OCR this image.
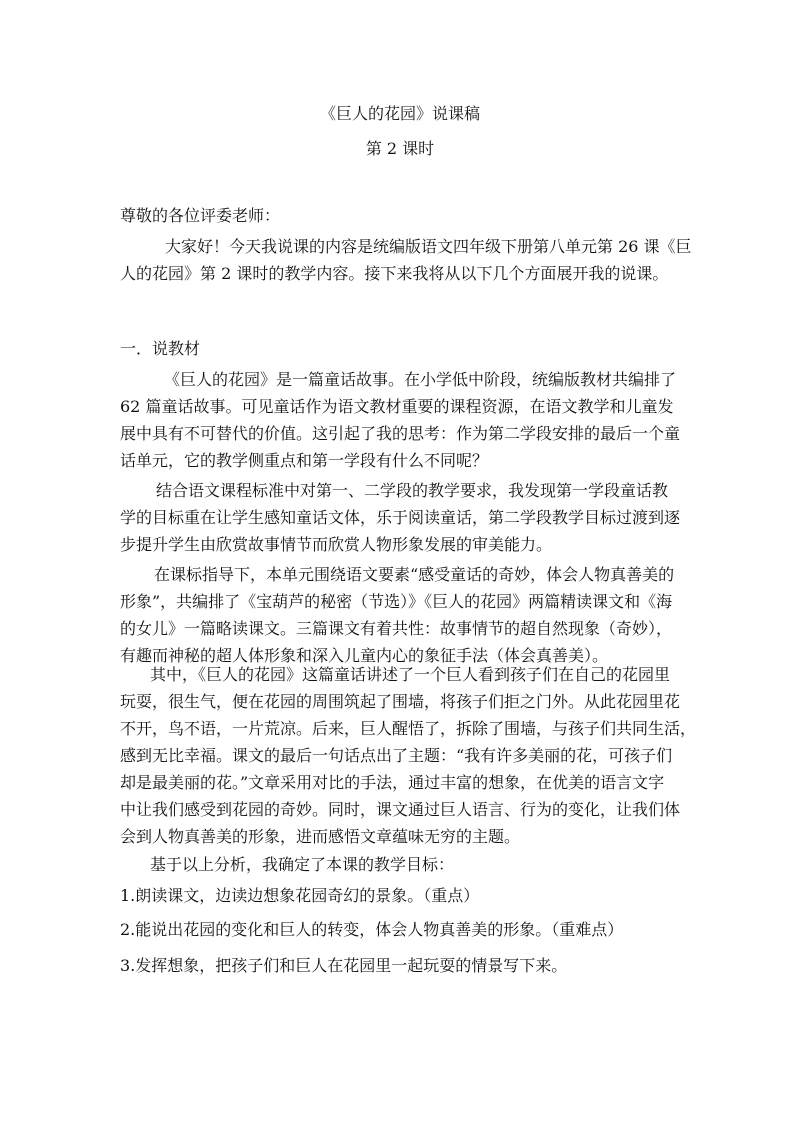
《巨人的花园》说课稿
第 2 课时
尊敬的各位评委老师：
大家好！今天我说课的内容是统编版语文四年级下册第八单元第 26 课《巨
人的花园》第 2 课时的教学内容。接下来我将从以下几个方面展开我的说课。
一．说教材
《巨人的花园》是一篇童话故事。在小学低中阶段，统编版教材共编排了
62 篇童话故事。可见童话作为语文教材重要的课程资源，在语文教学和儿童发
展中具有不可替代的价值。这引起了我的思考：作为第二学段安排的最后一个童
话单元，它的教学侧重点和第一学段有什么不同呢？
结合语文课程标准中对第一、二学段的教学要求，我发现第一学段童话教
学的目标重在让学生感知童话文体，乐于阅读童话，第二学段教学目标过渡到逐
步提升学生由欣赏故事情节而欣赏人物形象发展的审美能力。
在课标指导下，本单元围绕语文要素“感受童话的奇妙，体会人物真善美的
形象”，共编排了《宝葫芦的秘密（节选）》《巨人的花园》两篇精读课文和《海
的女儿》一篇略读课文。三篇课文有着共性：故事情节的超自然现象（奇妙），
有趣而神秘的超人体形象和深入儿童内心的象征手法（体会真善美）。
其中，《巨人的花园》这篇童话讲述了一个巨人看到孩子们在自己的花园里
玩耍，很生气，便在花园的周围筑起了围墙，将孩子们拒之门外。从此花园里花
不开，鸟不语，一片荒凉。后来，巨人醒悟了，拆除了围墙，与孩子们共同生活，
感到无比幸福。课文的最后一句话点出了主题：“我有许多美丽的花，可孩子们
却是最美丽的花。”文章采用对比的手法，通过丰富的想象，在优美的语言文字
中让我们感受到花园的奇妙。同时，课文通过巨人语言、行为的变化，让我们体
会到人物真善美的形象，进而感悟文章蕴味无穷的主题。
基于以上分析，我确定了本课的教学目标：
1.朗读课文，边读边想象花园奇幻的景象。（重点）
2.能说出花园的变化和巨人的转变，体会人物真善美的形象。（重难点）
3.发挥想象，把孩子们和巨人在花园里一起玩耍的情景写下来。
